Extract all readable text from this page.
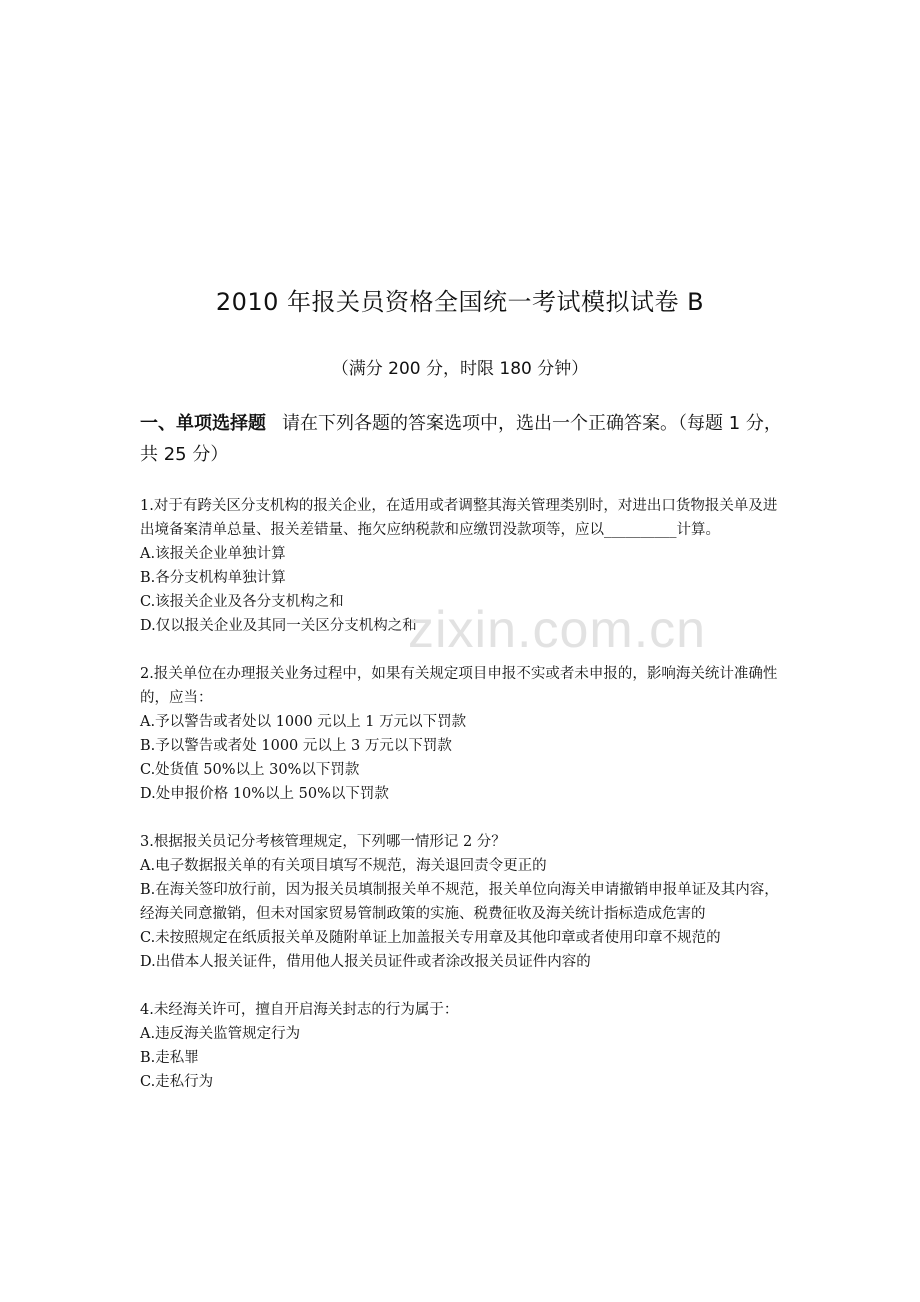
2010 年报关员资格全国统一考试模拟试卷 B
（满分 200 分，时限 180 分钟）
一、单项选择题 请在下列各题的答案选项中，选出一个正确答案。（每题 1 分，共 25 分）
1.对于有跨关区分支机构的报关企业，在适用或者调整其海关管理类别时，对进出口货物报关单及进出境备案清单总量、报关差错量、拖欠应纳税款和应缴罚没款项等，应以__________计算。
A.该报关企业单独计算
B.各分支机构单独计算
C.该报关企业及各分支机构之和
D.仅以报关企业及其同一关区分支机构之和
2.报关单位在办理报关业务过程中，如果有关规定项目申报不实或者未申报的，影响海关统计准确性的，应当：
A.予以警告或者处以 1000 元以上 1 万元以下罚款
B.予以警告或者处 1000 元以上 3 万元以下罚款
C.处货值 50%以上 30%以下罚款
D.处申报价格 10%以上 50%以下罚款
3.根据报关员记分考核管理规定，下列哪一情形记 2 分？
A.电子数据报关单的有关项目填写不规范，海关退回责令更正的
B.在海关签印放行前，因为报关员填制报关单不规范，报关单位向海关申请撤销申报单证及其内容，经海关同意撤销，但未对国家贸易管制政策的实施、税费征收及海关统计指标造成危害的
C.未按照规定在纸质报关单及随附单证上加盖报关专用章及其他印章或者使用印章不规范的
D.出借本人报关证件，借用他人报关员证件或者涂改报关员证件内容的
4.未经海关许可，擅自开启海关封志的行为属于：
A.违反海关监管规定行为
B.走私罪
C.走私行为
zixin.com.cn
